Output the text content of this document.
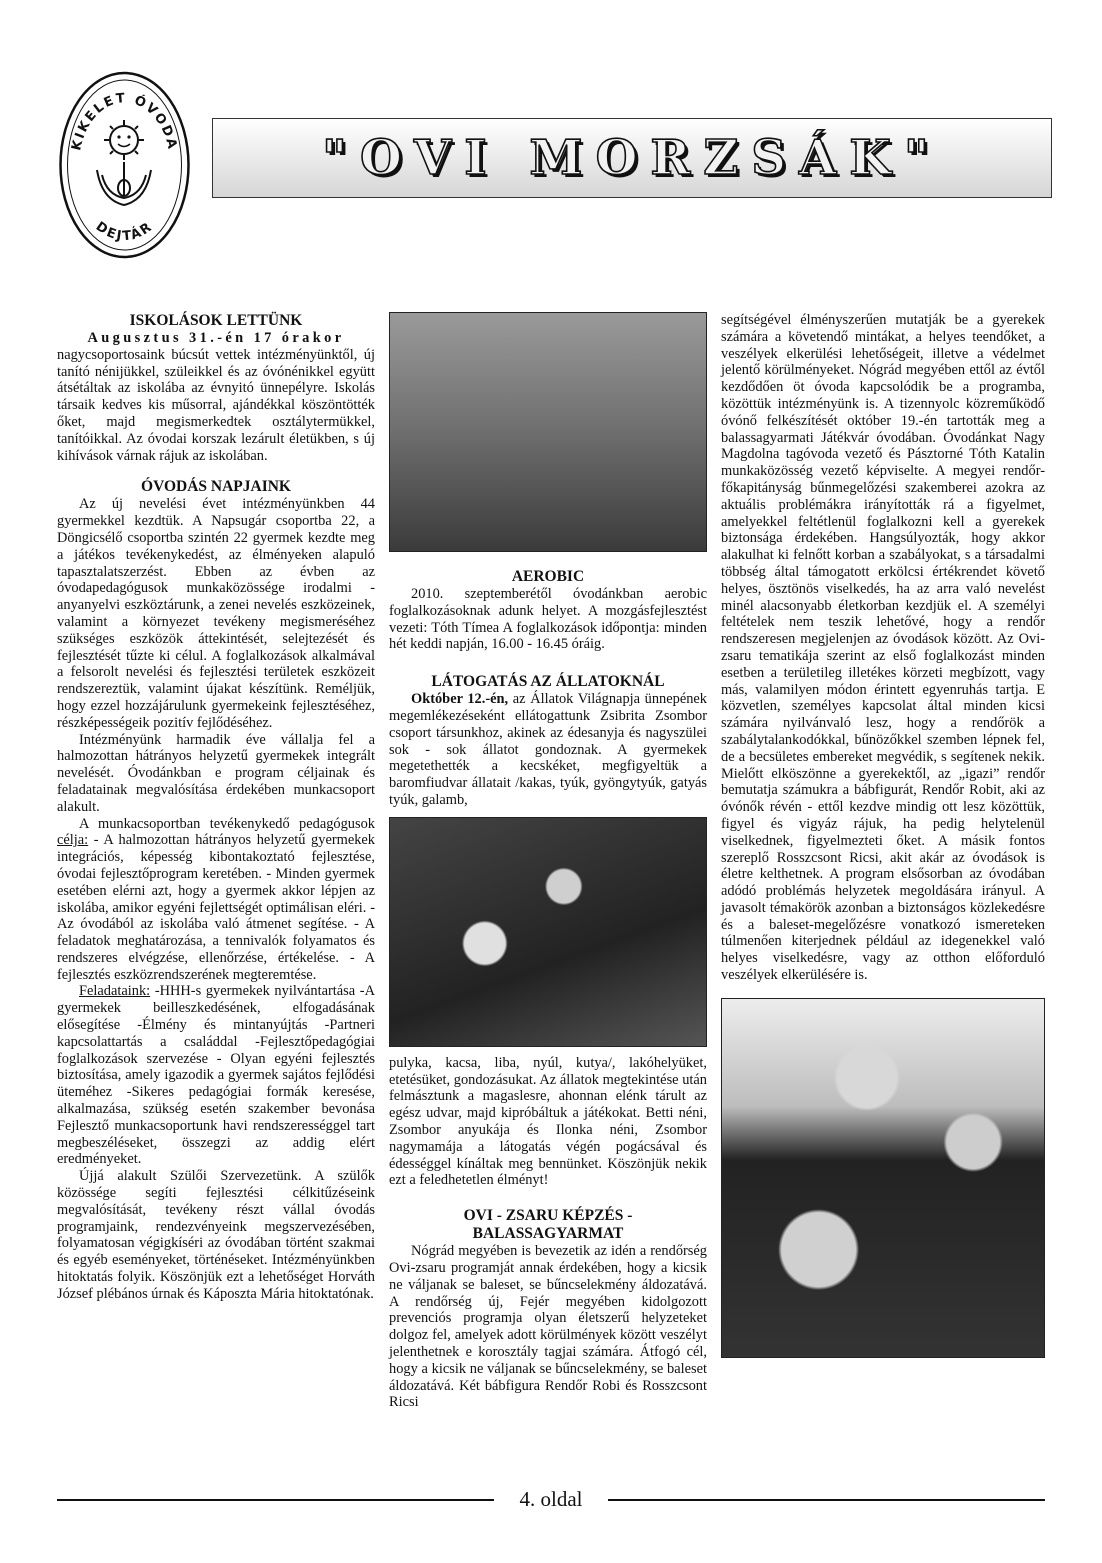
KIKELET ÓVODA
DEJTÁR
"OVI MORZSÁK"
ISKOLÁSOK LETTÜNK

Augusztus 31.-én 17 órakor

nagycsoportosaink búcsút vettek intézményünktől, új tanító nénijükkel, szüleikkel és az óvónénikkel együtt átsétáltak az iskolába az évnyitó ünnepélyre. Iskolás társaik kedves kis műsorral, ajándékkal köszöntötték őket, majd megismerkedtek osztálytermükkel, tanítóikkal. Az óvodai korszak lezárult életükben, s új kihívások várnak rájuk az iskolában.

ÓVODÁS NAPJAINK

Az új nevelési évet intézményünkben 44 gyermekkel kezdtük. A Napsugár csoportba 22, a Döngicsélő csoportba szintén 22 gyermek kezdte meg a játékos tevékenykedést, az élményeken alapuló tapasztalatszerzést. Ebben az évben az óvodapedagógusok munkaközössége irodalmi - anyanyelvi eszköztárunk, a zenei nevelés eszközeinek, valamint a környezet tevékeny megismeréséhez szükséges eszközök áttekintését, selejtezését és fejlesztését tűzte ki célul. A foglalkozások alkalmával a felsorolt nevelési és fejlesztési területek eszközeit rendszereztük, valamint újakat készítünk. Reméljük, hogy ezzel hozzájárulunk gyermekeink fejlesztéséhez, részképességeik pozitív fejlődéséhez.

Intézményünk harmadik éve vállalja fel a halmozottan hátrányos helyzetű gyermekek integrált nevelését. Óvodánkban e program céljainak és feladatainak megvalósítása érdekében munkacsoport alakult.

A munkacsoportban tevékenykedő pedagógusok célja: - A halmozottan hátrányos helyzetű gyermekek integrációs, képesség kibontakoztató fejlesztése, óvodai fejlesztőprogram keretében. - Minden gyermek esetében elérni azt, hogy a gyermek akkor lépjen az iskolába, amikor egyéni fejlettségét optimálisan eléri. - Az óvodából az iskolába való átmenet segítése. - A feladatok meghatározása, a tennivalók folyamatos és rendszeres elvégzése, ellenőrzése, értékelése. - A fejlesztés eszközrendszerének megteremtése.

Feladataink: -HHH-s gyermekek nyilvántartása -A gyermekek beilleszkedésének, elfogadásának elősegítése -Élmény és mintanyújtás -Partneri kapcsolattartás a családdal -Fejlesztőpedagógiai foglalkozások szervezése - Olyan egyéni fejlesztés biztosítása, amely igazodik a gyermek sajátos fejlődési üteméhez -Sikeres pedagógiai formák keresése, alkalmazása, szükség esetén szakember bevonása Fejlesztő munkacsoportunk havi rendszerességgel tart megbeszéléseket, összegzi az addig elért eredményeket.

Újjá alakult Szülői Szervezetünk. A szülők közössége segíti fejlesztési célkitűzéseink megvalósítását, tevékeny részt vállal óvodás programjaink, rendezvényeink megszervezésében, folyamatosan végigkíséri az óvodában történt szakmai és egyéb eseményeket, történéseket. Intézményünkben hitoktatás folyik. Köszönjük ezt a lehetőséget Horváth József plébános úrnak és Káposzta Mária hitoktatónak.

AEROBIC

2010. szeptemberétől óvodánkban aerobic foglalkozásoknak adunk helyet. A mozgásfejlesztést vezeti: Tóth Tímea A foglalkozások időpontja: minden hét keddi napján, 16.00 - 16.45 óráig.

LÁTOGATÁS AZ ÁLLATOKNÁL

Október 12.-én, az Állatok Világnapja ünnepének megemlékezéseként ellátogattunk Zsibrita Zsombor csoport társunkhoz, akinek az édesanyja és nagyszülei sok - sok állatot gondoznak. A gyermekek megetethették a kecskéket, megfigyeltük a baromfiudvar állatait /kakas, tyúk, gyöngytyúk, gatyás tyúk, galamb,

pulyka, kacsa, liba, nyúl, kutya/, lakóhelyüket, etetésüket, gondozásukat. Az állatok megtekintése után felmásztunk a magaslesre, ahonnan elénk tárult az egész udvar, majd kipróbáltuk a játékokat. Betti néni, Zsombor anyukája és Ilonka néni, Zsombor nagymamája a látogatás végén pogácsával és édességgel kínáltak meg bennünket. Köszönjük nekik ezt a feledhetetlen élményt!

OVI - ZSARU KÉPZÉS -
BALASSAGYARMAT

Nógrád megyében is bevezetik az idén a rendőrség Ovi-zsaru programját annak érdekében, hogy a kicsik ne váljanak se baleset, se bűncselekmény áldozatává. A rendőrség új, Fejér megyében kidolgozott prevenciós programja olyan életszerű helyzeteket dolgoz fel, amelyek adott körülmények között veszélyt jelenthetnek e korosztály tagjai számára. Átfogó cél, hogy a kicsik ne váljanak se bűncselekmény, se baleset áldozatává. Két bábfigura Rendőr Robi és Rosszcsont Ricsi

segítségével élményszerűen mutatják be a gyerekek számára a követendő mintákat, a helyes teendőket, a veszélyek elkerülési lehetőségeit, illetve a védelmet jelentő körülményeket. Nógrád megyében ettől az évtől kezdődően öt óvoda kapcsolódik be a programba, közöttük intézményünk is. A tizennyolc közreműködő óvónő felkészítését október 19.-én tartották meg a balassagyarmati Játékvár óvodában. Óvodánkat Nagy Magdolna tagóvoda vezető és Pásztorné Tóth Katalin munkaközösség vezető képviselte. A megyei rendőr-főkapitányság bűnmegelőzési szakemberei azokra az aktuális problémákra irányították rá a figyelmet, amelyekkel feltétlenül foglalkozni kell a gyerekek biztonsága érdekében. Hangsúlyozták, hogy akkor alakulhat ki felnőtt korban a szabályokat, s a társadalmi többség által támogatott erkölcsi értékrendet követő helyes, ösztönös viselkedés, ha az arra való nevelést minél alacsonyabb életkorban kezdjük el. A személyi feltételek nem teszik lehetővé, hogy a rendőr rendszeresen megjelenjen az óvodások között. Az Ovi-zsaru tematikája szerint az első foglalkozást minden esetben a területileg illetékes körzeti megbízott, vagy más, valamilyen módon érintett egyenruhás tartja. E közvetlen, személyes kapcsolat által minden kicsi számára nyilvánvaló lesz, hogy a rendőrök a szabálytalankodókkal, bűnözőkkel szemben lépnek fel, de a becsületes embereket megvédik, s segítenek nekik. Mielőtt elköszönne a gyerekektől, az „igazi” rendőr bemutatja számukra a bábfigurát, Rendőr Robit, aki az óvónők révén - ettől kezdve mindig ott lesz közöttük, figyel és vigyáz rájuk, ha pedig helytelenül viselkednek, figyelmezteti őket. A másik fontos szereplő Rosszcsont Ricsi, akit akár az óvodások is életre kelthetnek. A program elsősorban az óvodában adódó problémás helyzetek megoldására irányul. A javasolt témakörök azonban a biztonságos közlekedésre és a baleset-megelőzésre vonatkozó ismereteken túlmenően kiterjednek például az idegenekkel való helyes viselkedésre, vagy az otthon előforduló veszélyek elkerülésére is.

4. oldal
